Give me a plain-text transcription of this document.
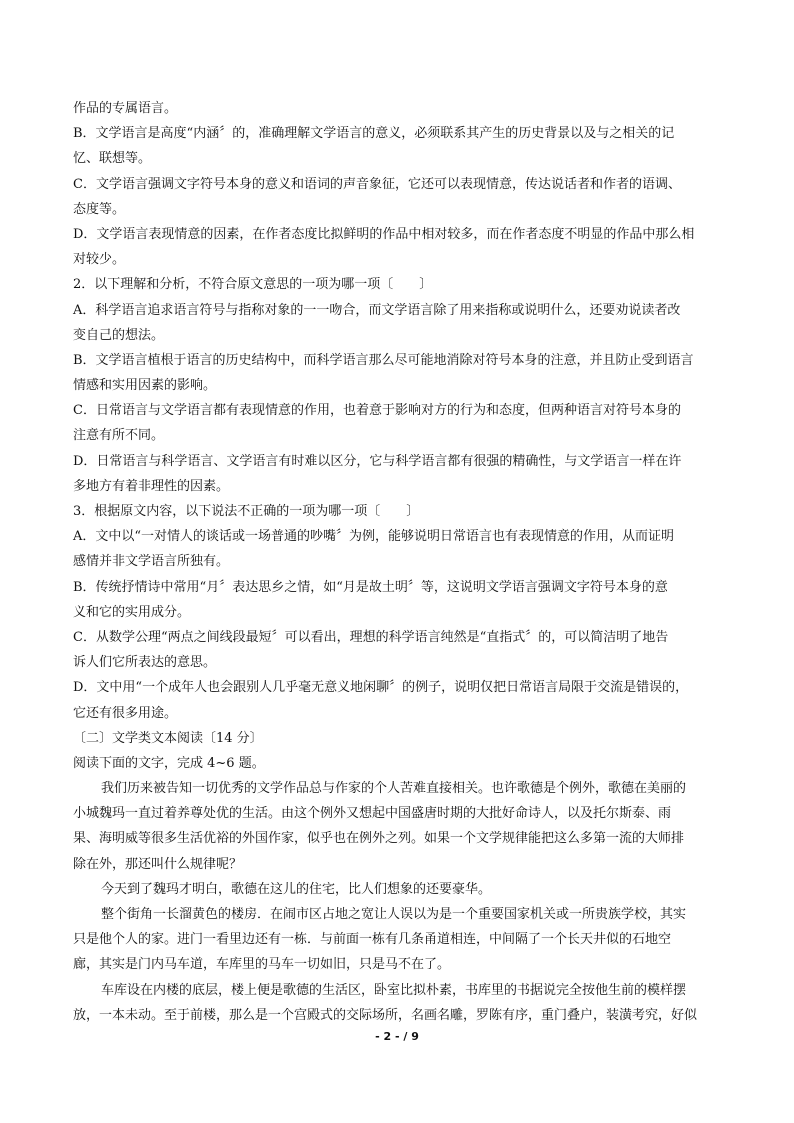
作品的专属语言。
B．文学语言是高度“内涵〞的，准确理解文学语言的意义，必须联系其产生的历史背景以及与之相关的记
忆、联想等。
C．文学语言强调文字符号本身的意义和语词的声音象征，它还可以表现情意，传达说话者和作者的语调、
态度等。
D．文学语言表现情意的因素，在作者态度比拟鲜明的作品中相对较多，而在作者态度不明显的作品中那么相
对较少。
2．以下理解和分析，不符合原文意思的一项为哪一项〔　　〕
A．科学语言追求语言符号与指称对象的一一吻合，而文学语言除了用来指称或说明什么，还要劝说读者改
变自己的想法。
B．文学语言植根于语言的历史结构中，而科学语言那么尽可能地消除对符号本身的注意，并且防止受到语言
情感和实用因素的影响。
C．日常语言与文学语言都有表现情意的作用，也着意于影响对方的行为和态度，但两种语言对符号本身的
注意有所不同。
D．日常语言与科学语言、文学语言有时难以区分，它与科学语言都有很强的精确性，与文学语言一样在许
多地方有着非理性的因素。
3．根据原文内容，以下说法不正确的一项为哪一项〔　　〕
A．文中以“一对情人的谈话或一场普通的吵嘴〞为例，能够说明日常语言也有表现情意的作用，从而证明
感情并非文学语言所独有。
B．传统抒情诗中常用“月〞表达思乡之情，如“月是故土明〞等，这说明文学语言强调文字符号本身的意
义和它的实用成分。
C．从数学公理“两点之间线段最短〞可以看出，理想的科学语言纯然是“直指式〞的，可以简洁明了地告
诉人们它所表达的意思。
D．文中用“一个成年人也会跟别人几乎毫无意义地闲聊〞的例子，说明仅把日常语言局限于交流是错误的，
它还有很多用途。
〔二〕文学类文本阅读〔14 分〕
阅读下面的文字，完成 4~6 题。
我们历来被告知一切优秀的文学作品总与作家的个人苦难直接相关。也许歌德是个例外，歌德在美丽的
小城魏玛一直过着养尊处优的生活。由这个例外又想起中国盛唐时期的大批好命诗人，以及托尔斯泰、雨
果、海明威等很多生活优裕的外国作家，似乎也在例外之列。如果一个文学规律能把这么多第一流的大师排
除在外，那还叫什么规律呢？
今天到了魏玛才明白，歌德在这儿的住宅，比人们想象的还要豪华。
整个街角一长溜黄色的楼房．在闹市区占地之宽让人误以为是一个重要国家机关或一所贵族学校，其实
只是他个人的家。进门一看里边还有一栋．与前面一栋有几条甬道相连，中间隔了一个长天井似的石地空
廊，其实是门内马车道，车库里的马车一切如旧，只是马不在了。
车库设在内楼的底层，楼上便是歌德的生活区，卧室比拟朴素，书库里的书据说完全按他生前的模样摆
放，一本未动。至于前楼，那么是一个宫殿式的交际场所，名画名雕，罗陈有序，重门叠户，装潢考究，好似
- 2 - / 9
